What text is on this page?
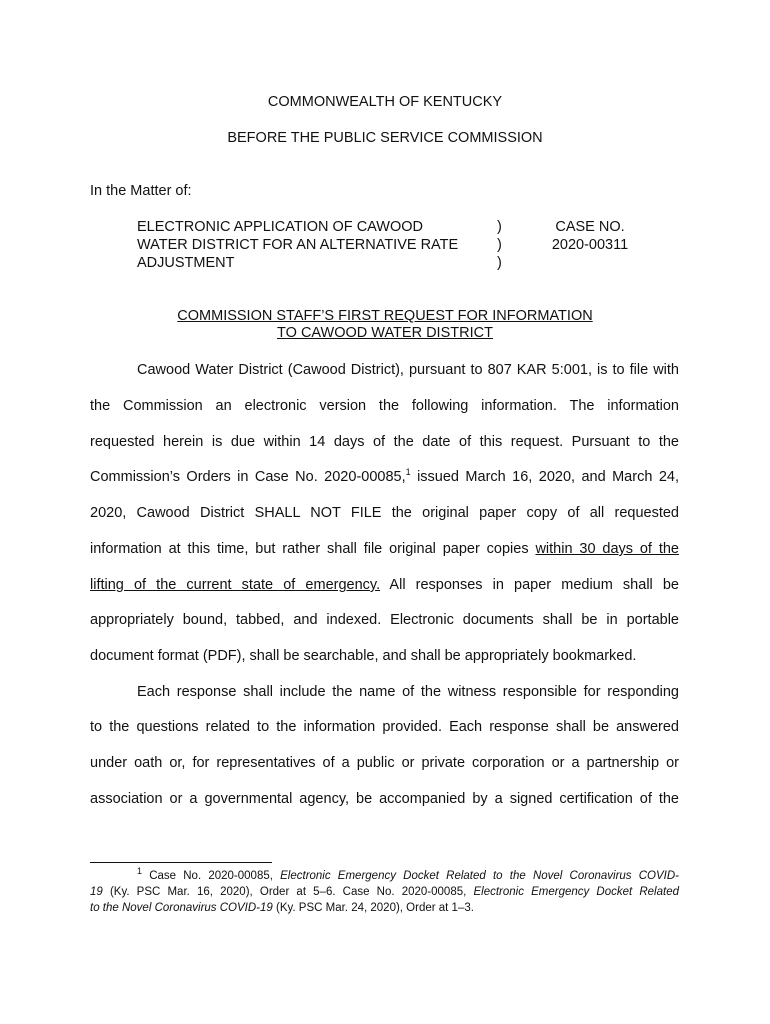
COMMONWEALTH OF KENTUCKY
BEFORE THE PUBLIC SERVICE COMMISSION
In the Matter of:
ELECTRONIC APPLICATION OF CAWOOD
WATER DISTRICT FOR AN ALTERNATIVE RATE
ADJUSTMENT
)
)
)
CASE NO.
2020-00311
COMMISSION STAFF’S FIRST REQUEST FOR INFORMATION
TO CAWOOD WATER DISTRICT
Cawood Water District (Cawood District), pursuant to 807 KAR 5:001, is to file with
the Commission an electronic version the following information. The information
requested herein is due within 14 days of the date of this request. Pursuant to the
Commission’s Orders in Case No. 2020-00085,$^1$ issued March 16, 2020, and March 24,
2020, Cawood District SHALL NOT FILE the original paper copy of all requested
information at this time, but rather shall file original paper copies within 30 days of the
lifting of the current state of emergency. All responses in paper medium shall be
appropriately bound, tabbed, and indexed. Electronic documents shall be in portable
document format (PDF), shall be searchable, and shall be appropriately bookmarked.
Each response shall include the name of the witness responsible for responding
to the questions related to the information provided. Each response shall be answered
under oath or, for representatives of a public or private corporation or a partnership or
association or a governmental agency, be accompanied by a signed certification of the
$^1$ Case No. 2020-00085, Electronic Emergency Docket Related to the Novel Coronavirus COVID-
19 (Ky. PSC Mar. 16, 2020), Order at 5–6. Case No. 2020-00085, Electronic Emergency Docket Related
to the Novel Coronavirus COVID-19 (Ky. PSC Mar. 24, 2020), Order at 1–3.
